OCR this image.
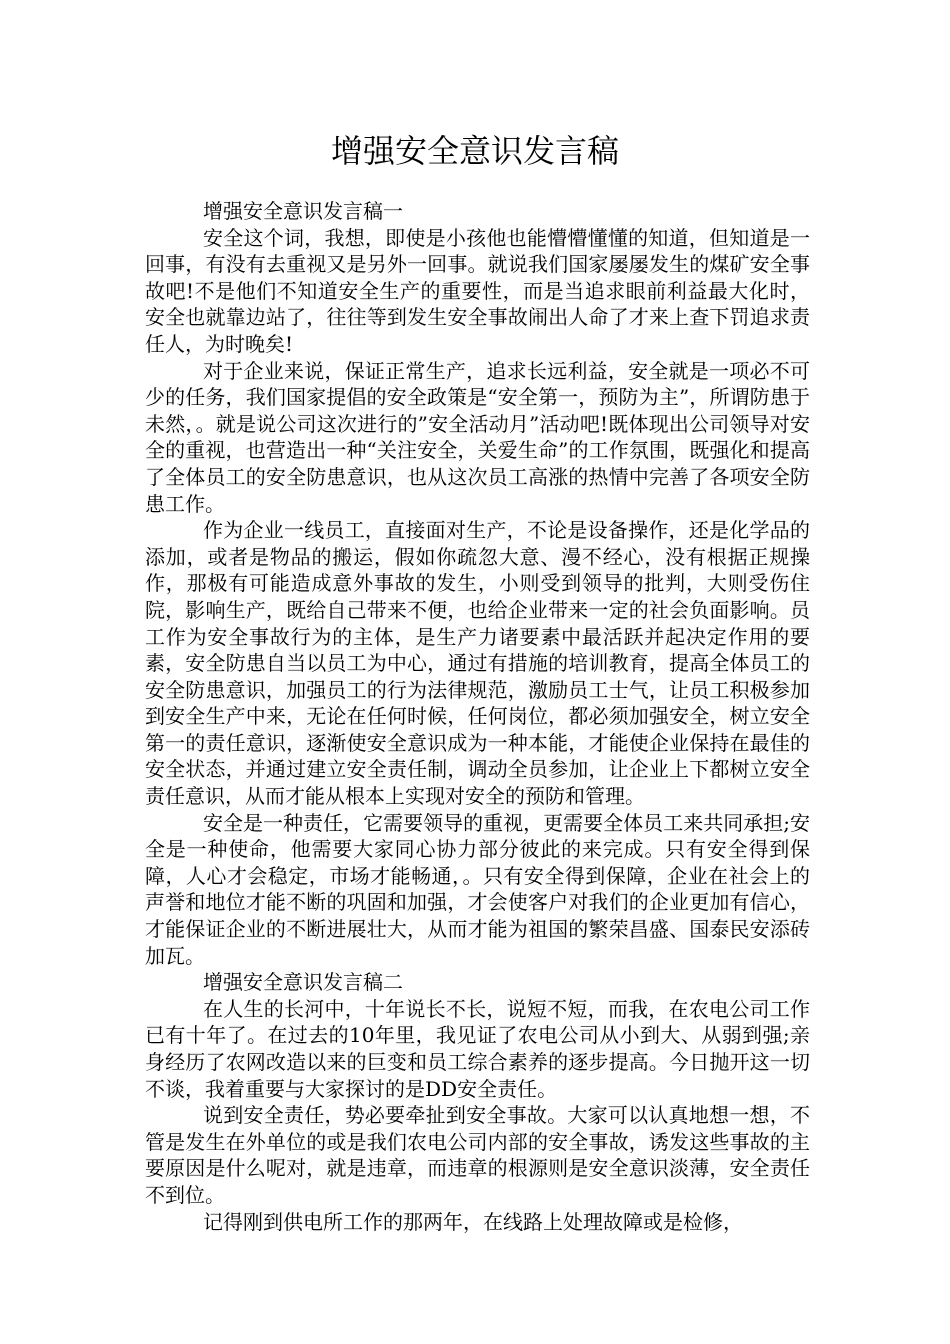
增强安全意识发言稿

增强安全意识发言稿一

安全这个词，我想，即使是小孩他也能懵懵懂懂的知道，但知道是一回事，有没有去重视又是另外一回事。就说我们国家屡屡发生的煤矿安全事故吧!不是他们不知道安全生产的重要性，而是当追求眼前利益最大化时，安全也就靠边站了，往往等到发生安全事故闹出人命了才来上查下罚追求责任人，为时晚矣!

对于企业来说，保证正常生产，追求长远利益，安全就是一项必不可少的任务，我们国家提倡的安全政策是“安全第一，预防为主”，所谓防患于未然，。就是说公司这次进行的”安全活动月”活动吧!既体现出公司领导对安全的重视，也营造出一种“关注安全，关爱生命”的工作氛围，既强化和提高了全体员工的安全防患意识，也从这次员工高涨的热情中完善了各项安全防患工作。

作为企业一线员工，直接面对生产，不论是设备操作，还是化学品的添加，或者是物品的搬运，假如你疏忽大意、漫不经心，没有根据正规操作，那极有可能造成意外事故的发生，小则受到领导的批判，大则受伤住院，影响生产，既给自己带来不便，也给企业带来一定的社会负面影响。员工作为安全事故行为的主体，是生产力诸要素中最活跃并起决定作用的要素，安全防患自当以员工为中心，通过有措施的培训教育，提高全体员工的安全防患意识，加强员工的行为法律规范，激励员工士气，让员工积极参加到安全生产中来，无论在任何时候，任何岗位，都必须加强安全，树立安全第一的责任意识，逐渐使安全意识成为一种本能，才能使企业保持在最佳的安全状态，并通过建立安全责任制，调动全员参加，让企业上下都树立安全责任意识，从而才能从根本上实现对安全的预防和管理。

安全是一种责任，它需要领导的重视，更需要全体员工来共同承担;安全是一种使命，他需要大家同心协力部分彼此的来完成。只有安全得到保障，人心才会稳定，市场才能畅通，。只有安全得到保障，企业在社会上的声誉和地位才能不断的巩固和加强，才会使客户对我们的企业更加有信心，才能保证企业的不断进展壮大，从而才能为祖国的繁荣昌盛、国泰民安添砖加瓦。

增强安全意识发言稿二

在人生的长河中，十年说长不长，说短不短，而我，在农电公司工作已有十年了。在过去的10年里，我见证了农电公司从小到大、从弱到强;亲身经历了农网改造以来的巨变和员工综合素养的逐步提高。今日抛开这一切不谈，我着重要与大家探讨的是DD安全责任。

说到安全责任，势必要牵扯到安全事故。大家可以认真地想一想，不管是发生在外单位的或是我们农电公司内部的安全事故，诱发这些事故的主要原因是什么呢对，就是违章，而违章的根源则是安全意识淡薄，安全责任不到位。

记得刚到供电所工作的那两年，在线路上处理故障或是检修，
